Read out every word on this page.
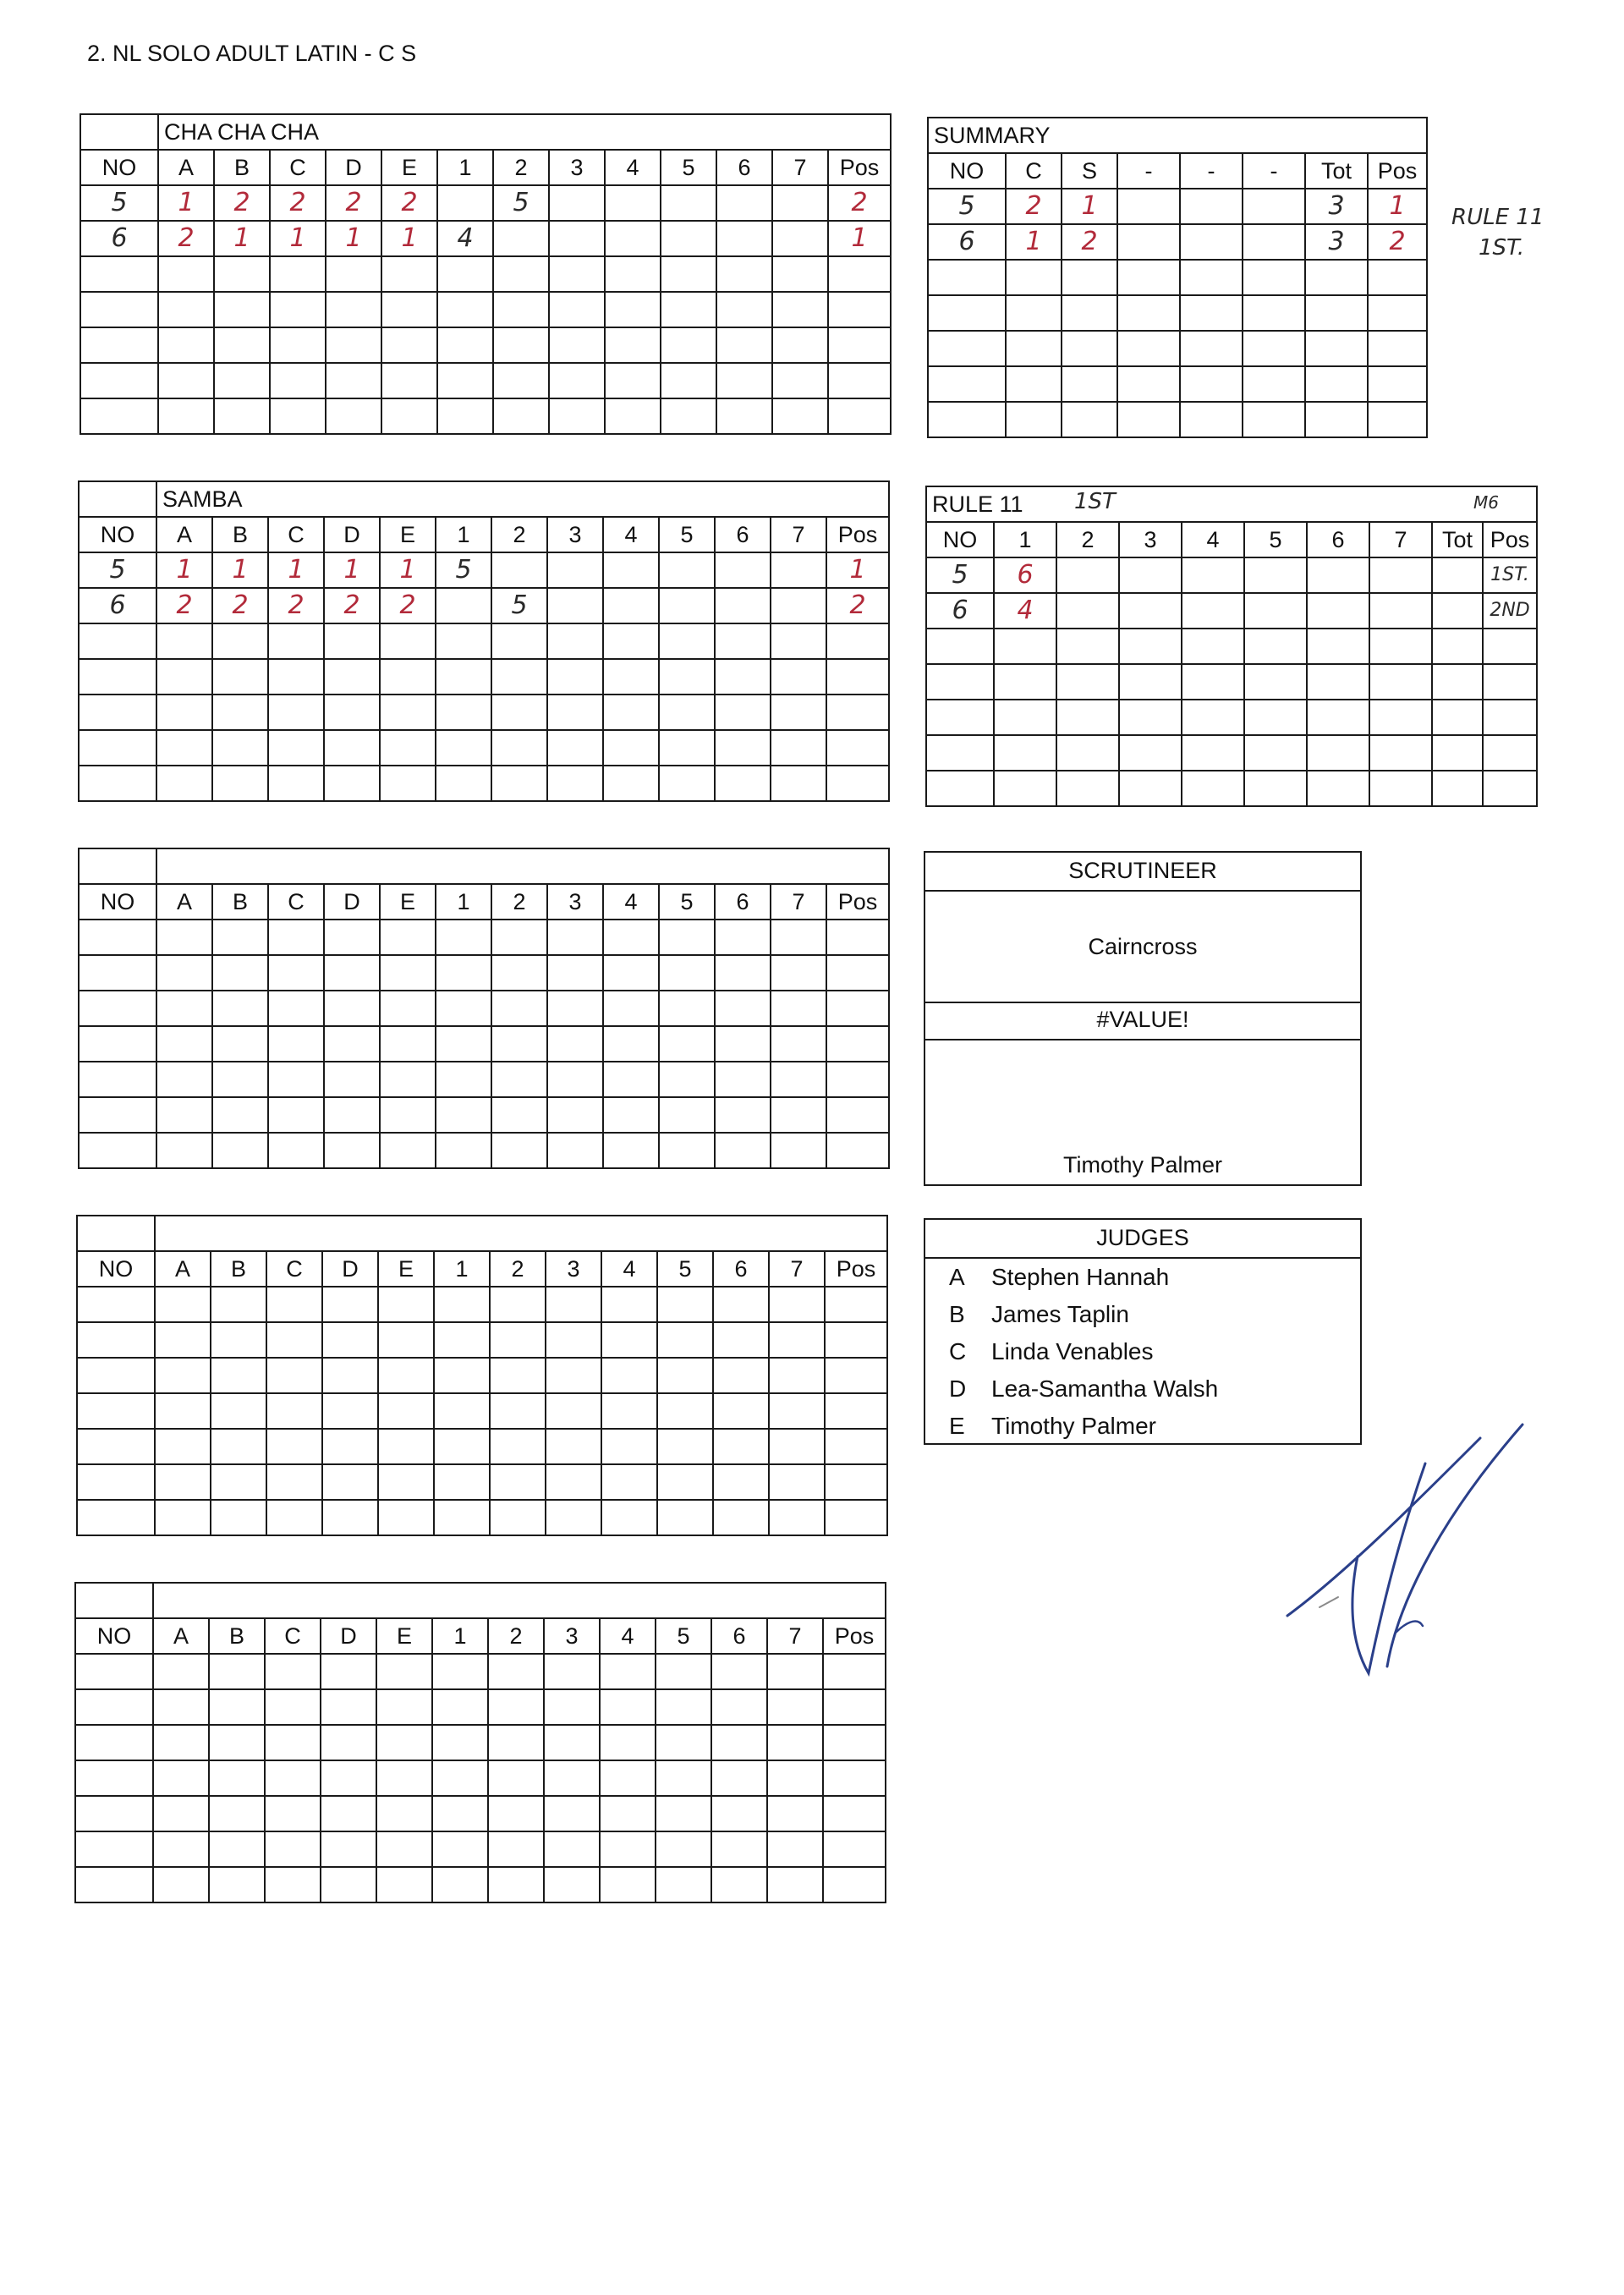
2. NL SOLO ADULT LATIN - C S
	CHA CHA CHA												
NO	A	B	C	D	E	1	2	3	4	5	6	7	Pos
5	1	2	2	2	2		5						2
6	2	1	1	1	1	4							1

	SAMBA												
NO	A	B	C	D	E	1	2	3	4	5	6	7	Pos
5	1	1	1	1	1	5							1
6	2	2	2	2	2		5						2

NO	A	B	C	D	E	1	2	3	4	5	6	7	Pos

NO	A	B	C	D	E	1	2	3	4	5	6	7	Pos

NO	A	B	C	D	E	1	2	3	4	5	6	7	Pos

SUMMARY							
NO	C	S	-	-	-	Tot	Pos
5	2	1				3	1
6	1	2				3	2

RULE 11
1ST.
RULE 11									
NO	1	2	3	4	5	6	7	Tot	Pos
5	6								1ST.
6	4								2ND

1ST	M6
SCRUTINEER
Cairncross
#VALUE!
Timothy Palmer
JUDGES
A Stephen Hannah
B James Taplin
C Linda Venables
D Lea-Samantha Walsh
E Timothy Palmer
